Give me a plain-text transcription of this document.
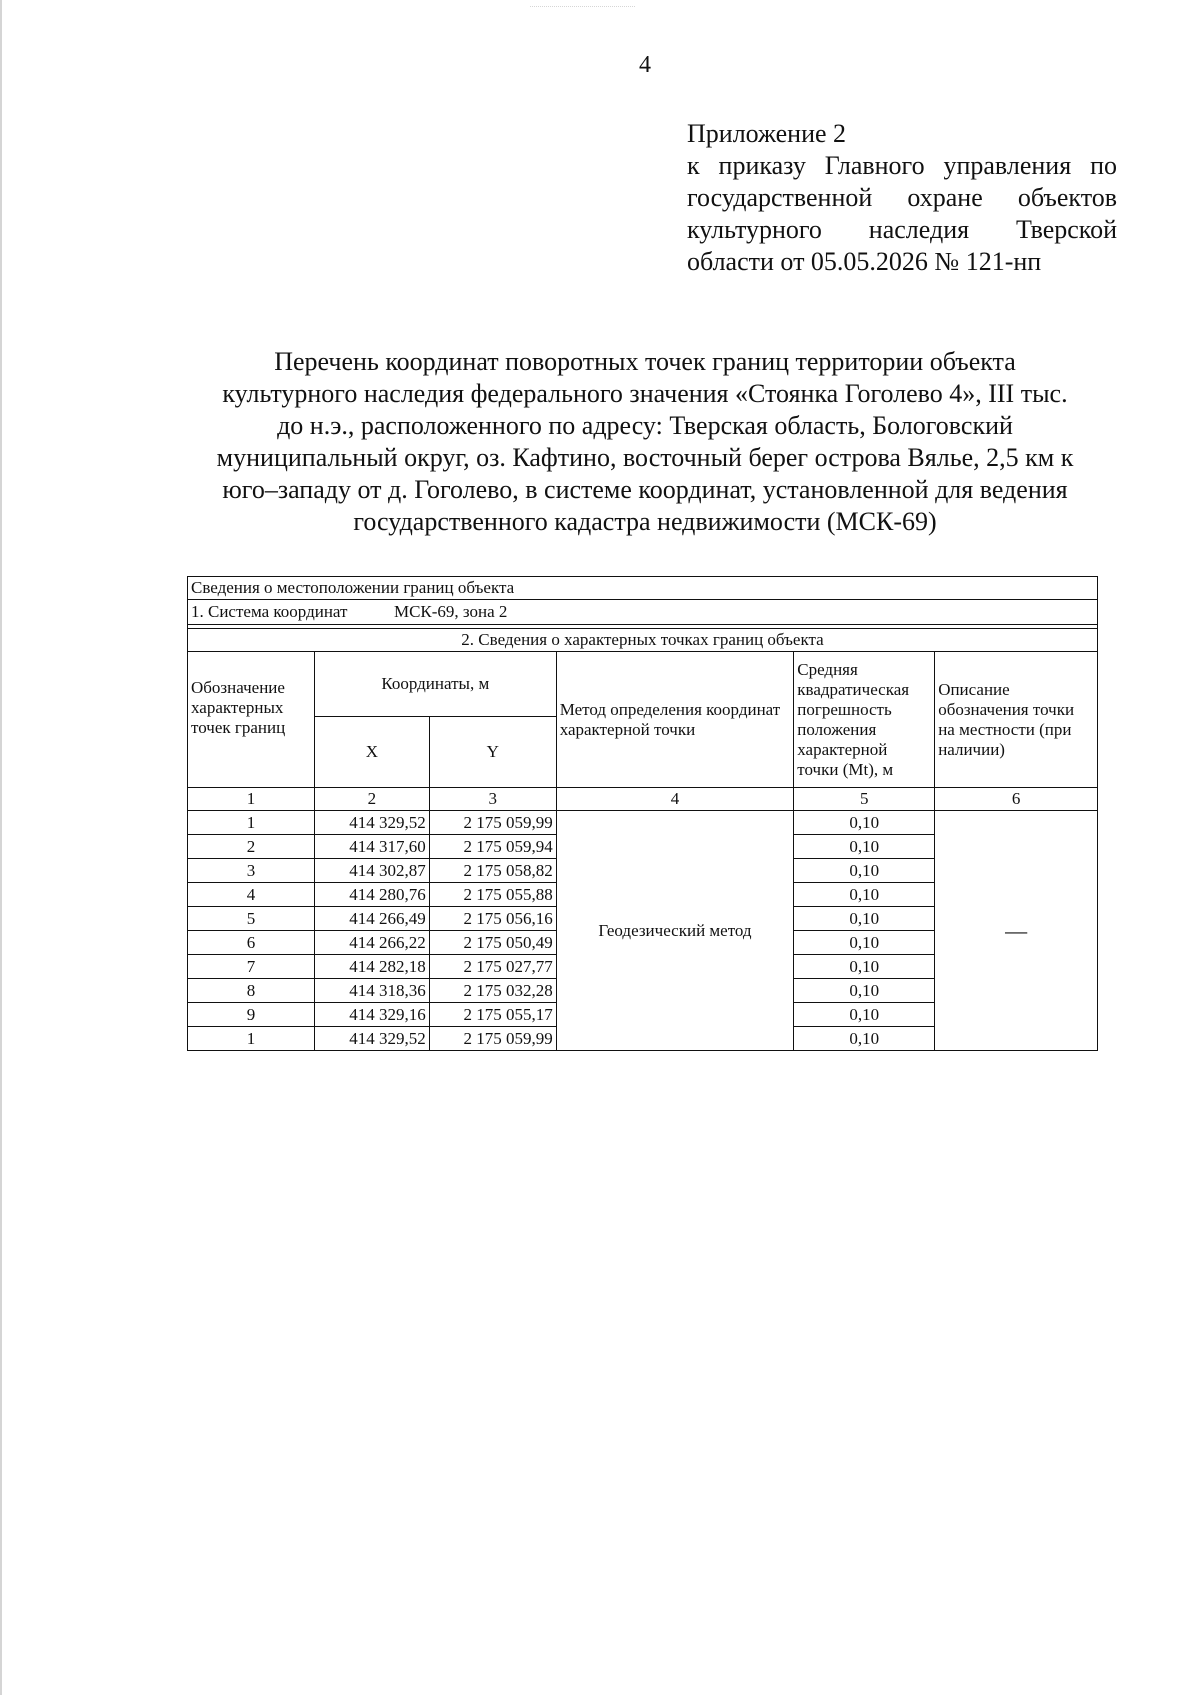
4
Приложение 2
к приказу Главного управления по
государственной охране объектов
культурного наследия Тверской
области от 05.05.2026 № 121-нп
Перечень координат поворотных точек границ территории объекта
культурного наследия федерального значения «Стоянка Гоголево 4», III тыс.
до н.э., расположенного по адресу: Тверская область, Бологовский
муниципальный округ, оз. Кафтино, восточный берег острова Вялье, 2,5 км к
юго–западу от д. Гоголево, в системе координат, установленной для ведения
государственного кадастра недвижимости (МСК-69)
Сведения о местоположении границ объекта					
1. Система координат МСК-69, зона 2					

2. Сведения о характерных точках границ объекта					
Обозначение характерных точек границ	Координаты, м		Метод определения координат характерной точки	Средняя квадратическая погрешность положения характерной точки (Mt), м	Описание обозначения точки на местности (при наличии)
	X	Y			
1	2	3	4	5	6
1	414 329,52	2 175 059,99	Геодезический метод	0,10	—
2	414 317,60	2 175 059,94		0,10	
3	414 302,87	2 175 058,82		0,10	
4	414 280,76	2 175 055,88		0,10	
5	414 266,49	2 175 056,16		0,10	
6	414 266,22	2 175 050,49		0,10	
7	414 282,18	2 175 027,77		0,10	
8	414 318,36	2 175 032,28		0,10	
9	414 329,16	2 175 055,17		0,10	
1	414 329,52	2 175 059,99		0,10	
